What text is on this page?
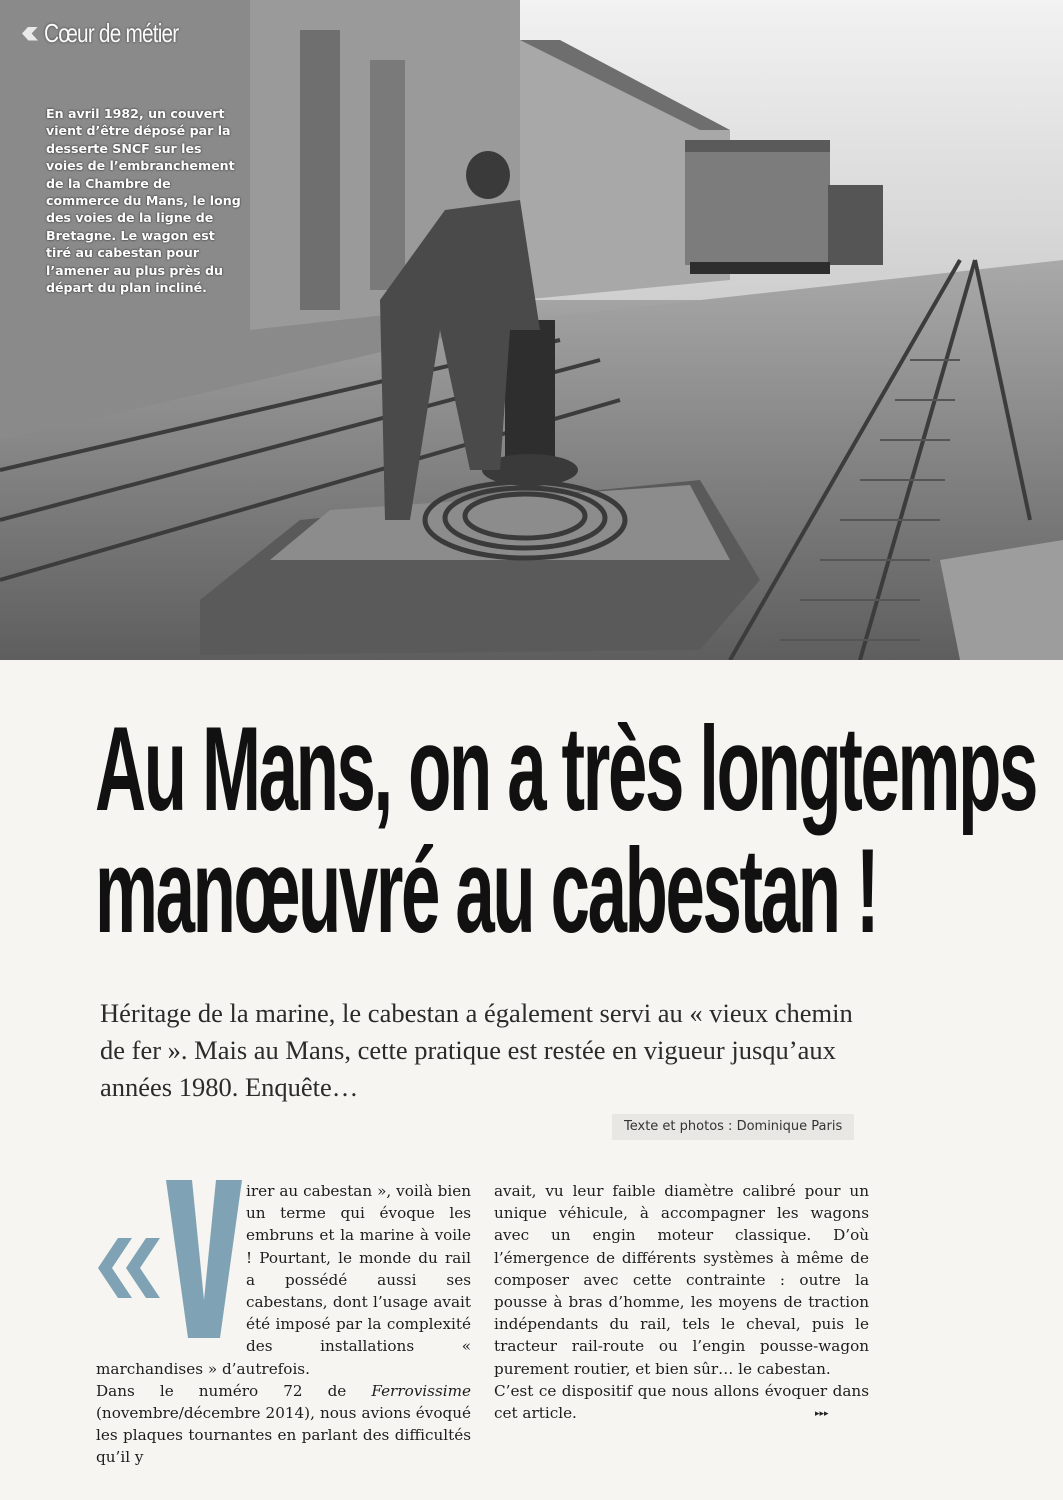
Cœur de métier
En avril 1982, un couvert vient d’être déposé par la desserte SNCF sur les voies de l’embranchement de la Chambre de commerce du Mans, le long des voies de la ligne de Bretagne. Le wagon est tiré au cabestan pour l’amener au plus près du départ du plan incliné.
Au Mans, on a très longtemps
manœuvré au cabestan !
Héritage de la marine, le cabestan a également servi au « vieux chemin de fer ». Mais au Mans, cette pratique est restée en vigueur jusqu’aux années 1980. Enquête…
Texte et photos : Dominique Paris

irer au cabestan », voilà bien un terme qui évoque les embruns et la marine à voile ! Pourtant, le monde du rail a possédé aussi ses cabestans, dont l’usage avait été imposé par la complexité des installations « marchandises » d’autrefois.

Dans le numéro 72 de Ferrovissime (novembre/décembre 2014), nous avions évoqué les plaques tournantes en parlant des difficultés qu’il y

avait, vu leur faible diamètre calibré pour un unique véhicule, à accompagner les wagons avec un engin moteur classique. D’où l’émergence de différents systèmes à même de composer avec cette contrainte : outre la pousse à bras d’homme, les moyens de traction indépendants du rail, tels le cheval, puis le tracteur rail-route ou l’engin pousse-wagon purement routier, et bien sûr… le cabestan.

C’est ce dispositif que nous allons évoquer dans cet article.	▸▸▸
